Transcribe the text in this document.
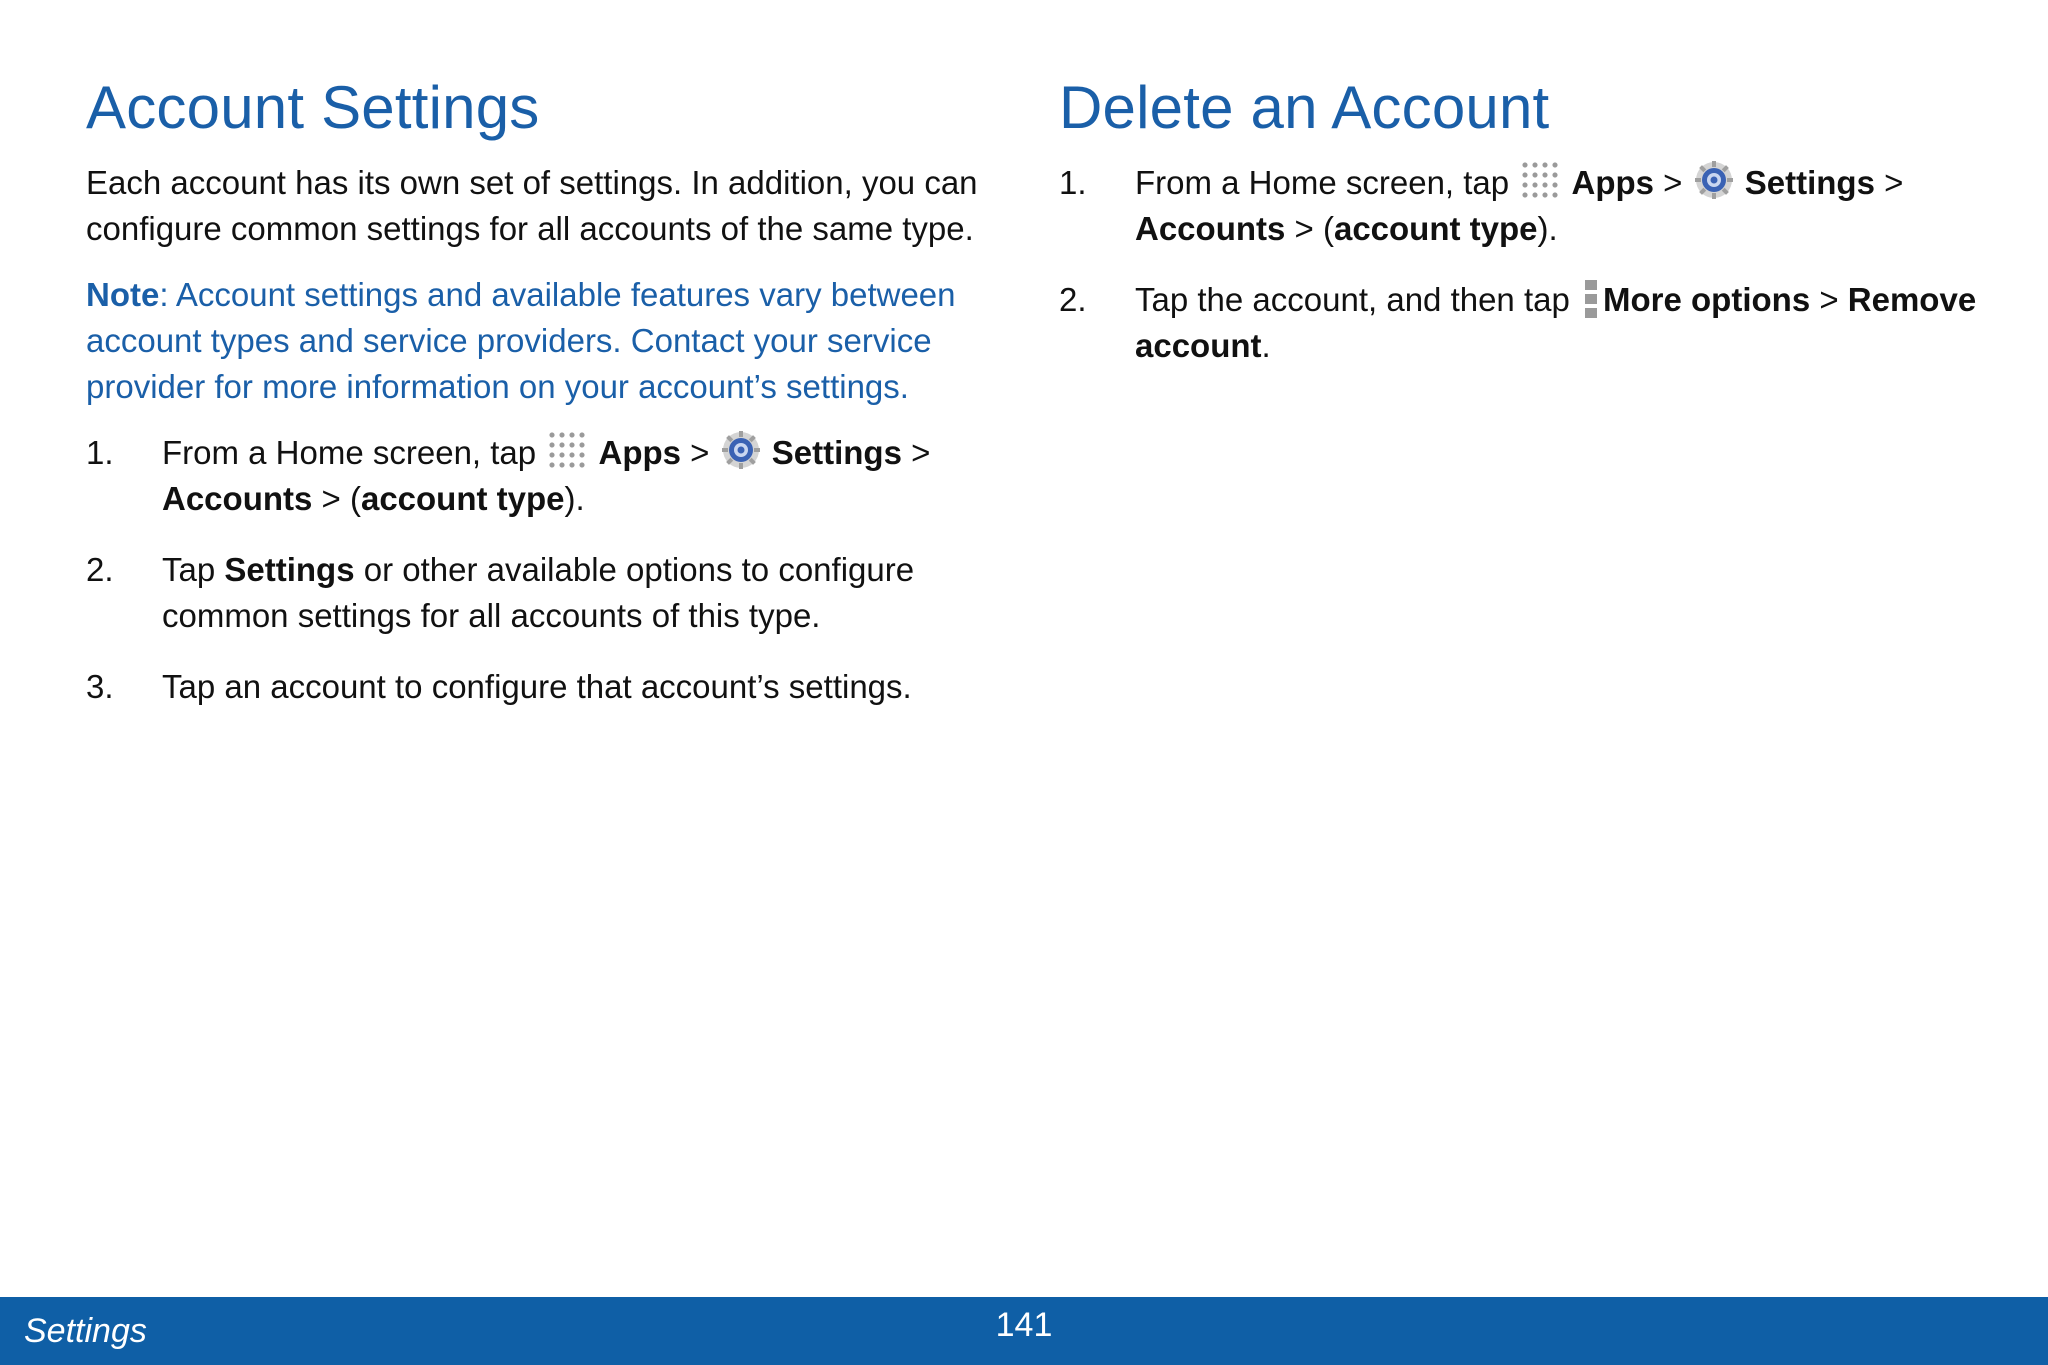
Account Settings

Each account has its own set of settings. In addition, you can configure common settings for all accounts of the same type.

Note: Account settings and available features vary between account types and service providers. Contact your service provider for more information on your account’s settings.

1. From a Home screen, tap  Apps >
Settings > Accounts > (account type).
2. Tap Settings or other available options to configure common settings for all accounts of this type.
3. Tap an account to configure that account’s settings.
Delete an Account
1. From a Home screen, tap  Apps >
Settings > Accounts > (account type).
2. Tap the account, and then tap More options > Remove account.
Settings	141
